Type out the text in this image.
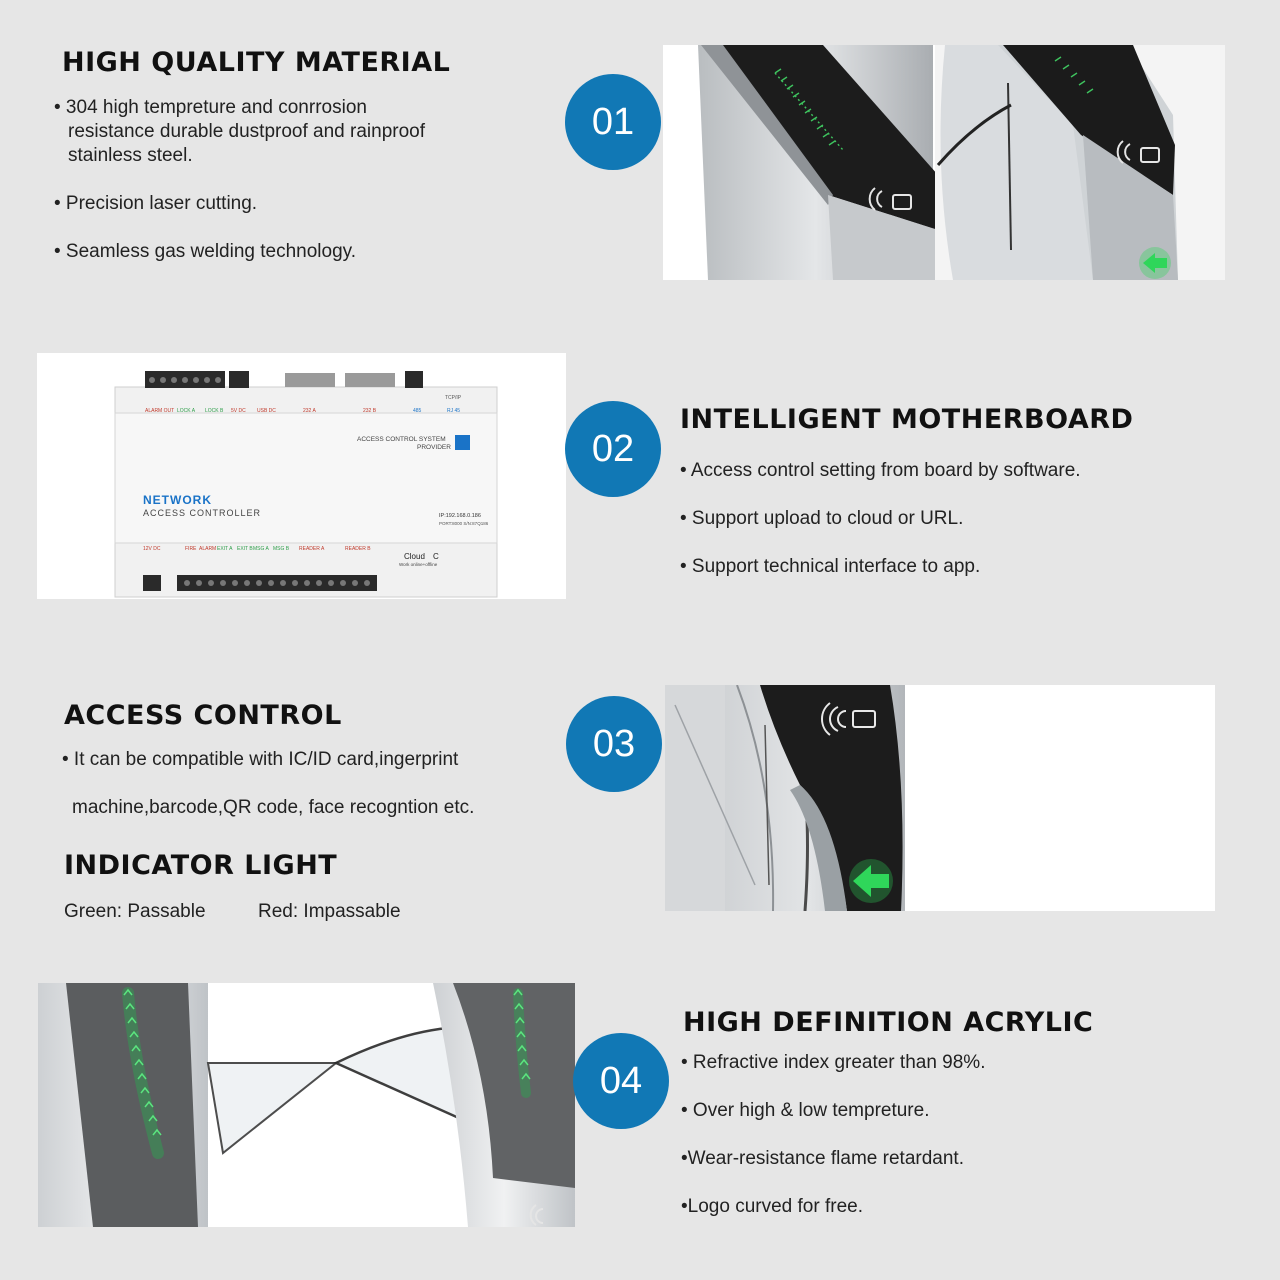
HIGH QUALITY MATERIAL

• 304 high tempreture and conrrosion

resistance durable dustproof and rainproof

stainless steel.

• Precision laser cutting.

• Seamless gas welding technology.

01
ALARM OUT LOCK A LOCK B 5V DC USB DC	232 A	232 B	485	RJ 45
TCP/IP
ACCESS CONTROL SYSTEM
PROVIDER
NETWORK
ACCESS CONTROLLER	IP:192.168.0.186
PORT:8000 S/N:87Q186
12V DC	FIRE ALARM EXIT A EXIT B MSG A MSG B READER A	READER B
Cloud C
Work online+offline
02
INTELLIGENT MOTHERBOARD

• Access control setting from board by software.

• Support upload to cloud or URL.

• Support technical interface to app.

ACCESS CONTROL

• It can be compatible with IC/ID card,ingerprint

machine,barcode,QR code, face recogntion etc.

INDICATOR LIGHT

Green: Passable	Red: Impassable

03
04
HIGH DEFINITION ACRYLIC

• Refractive index greater than 98%.

• Over high & low tempreture.

•Wear-resistance flame retardant.

•Logo curved for free.
